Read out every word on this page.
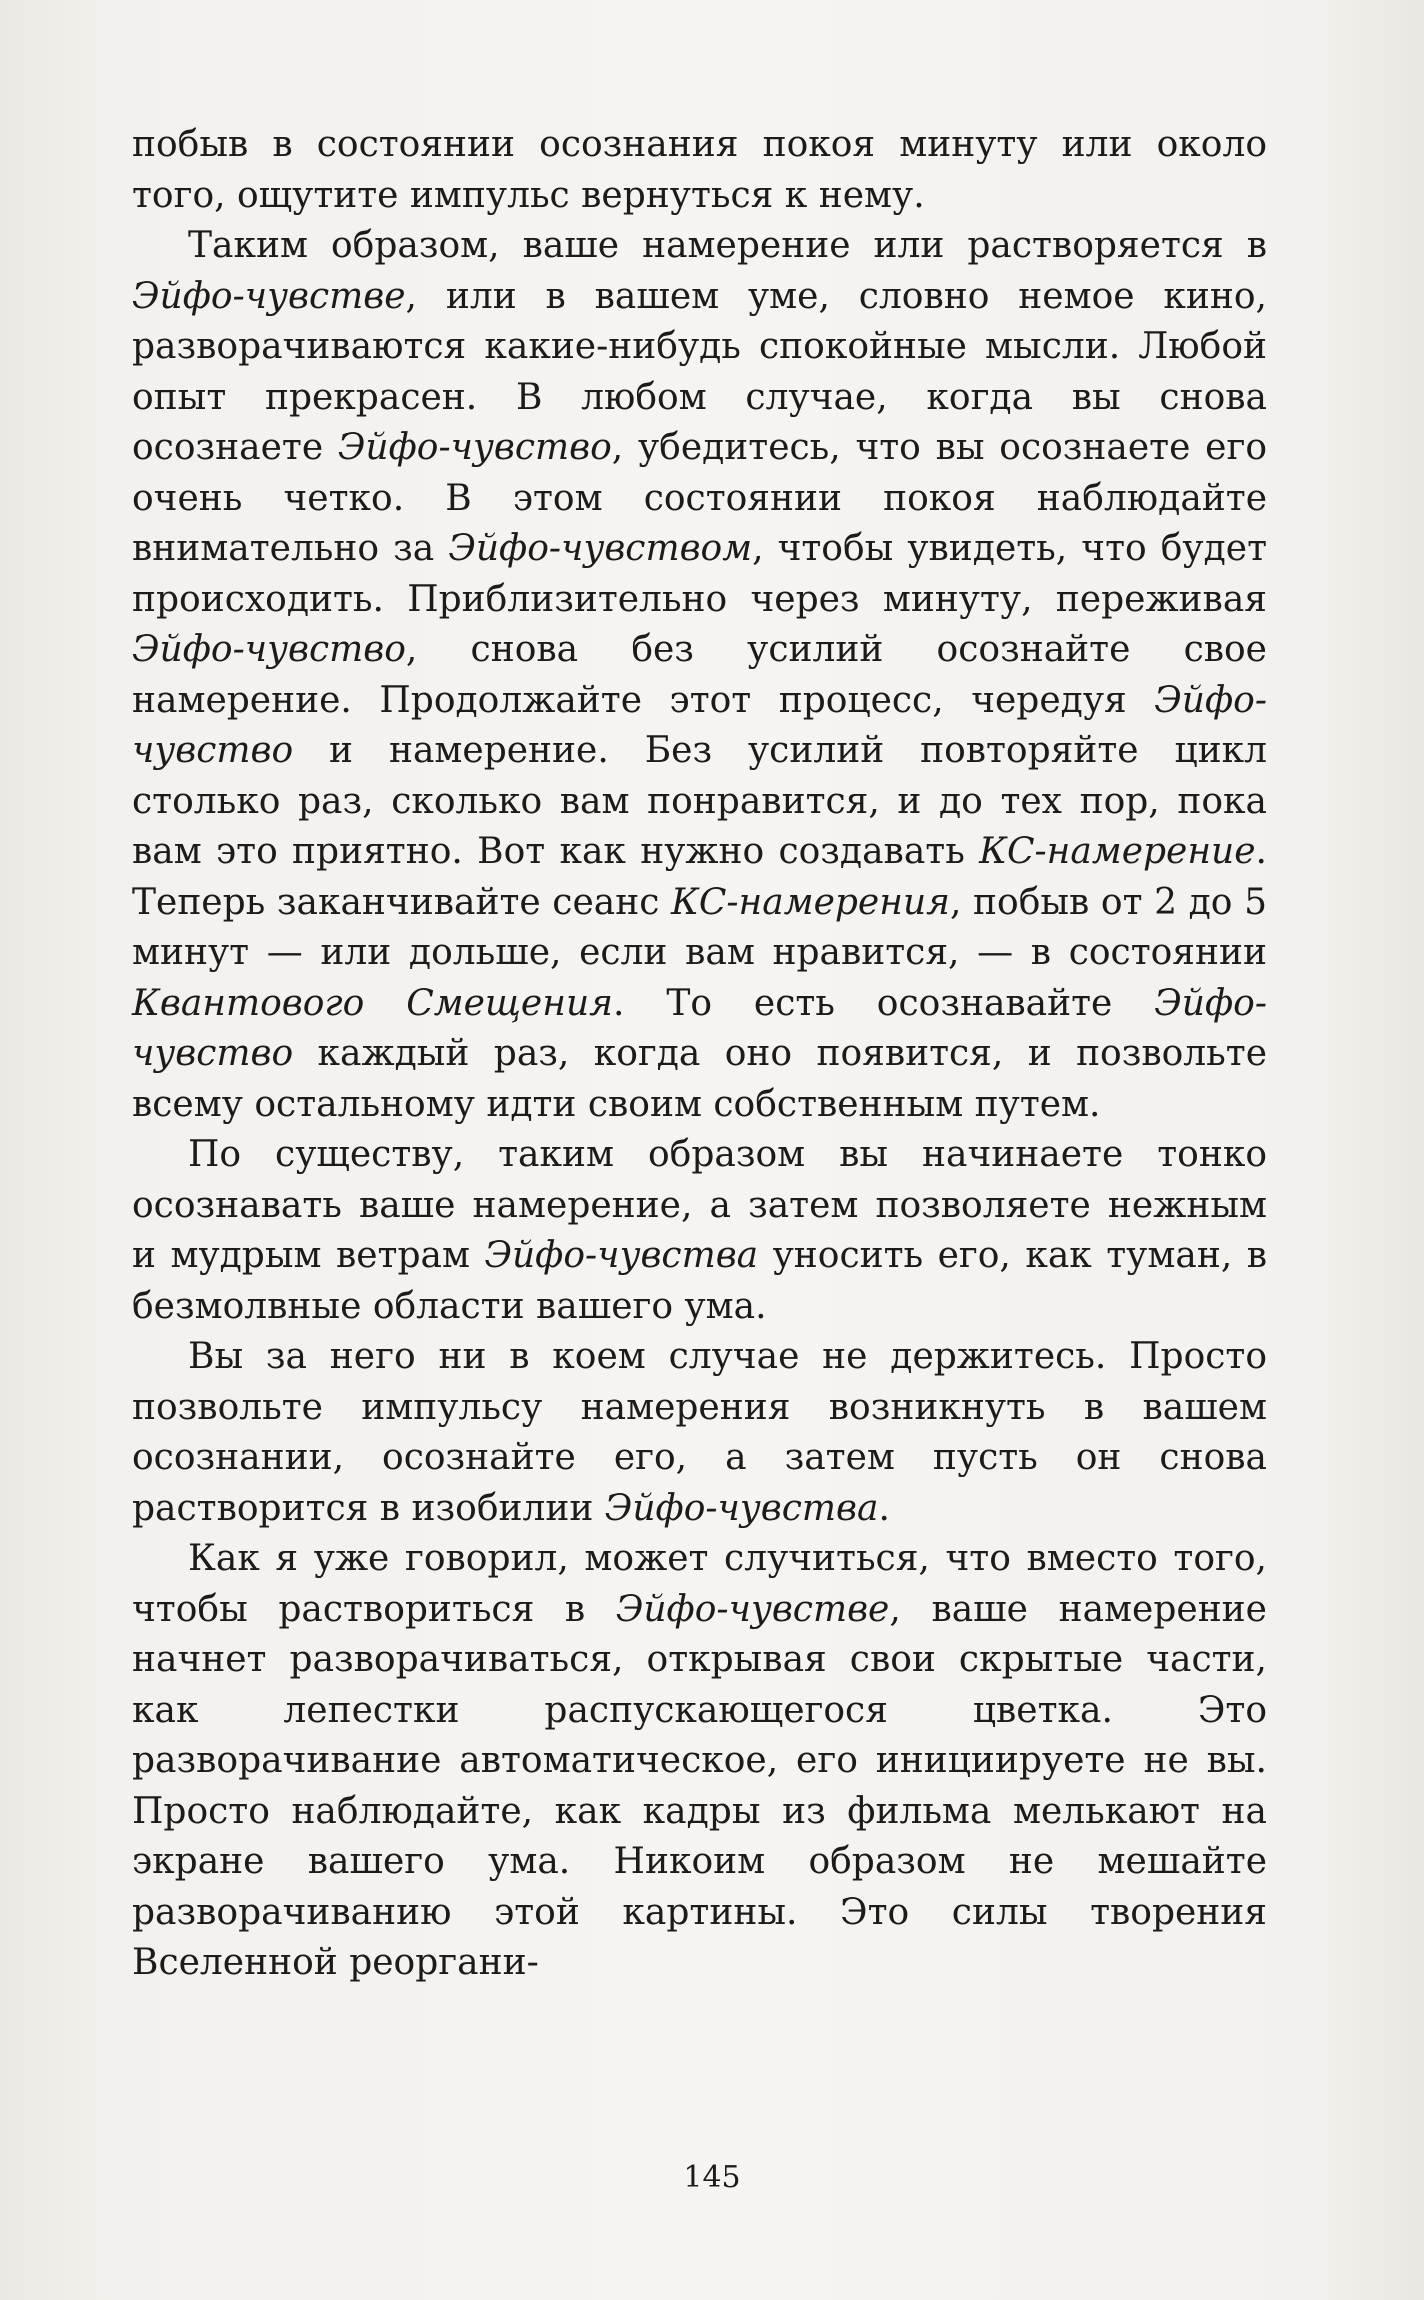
побыв в состоянии осознания покоя минуту или около того, ощутите импульс вернуться к нему.

Таким образом, ваше намерение или растворяется в Эйфо-чувстве, или в вашем уме, словно немое кино, разворачиваются какие-нибудь спокойные мысли. Любой опыт прекрасен. В любом случае, когда вы снова осознаете Эйфо-чувство, убедитесь, что вы осознаете его очень четко. В этом состоянии покоя наблюдайте внимательно за Эйфо-чувством, чтобы увидеть, что будет происходить. Приблизительно через минуту, переживая Эйфо-чувство, снова без усилий осознайте свое намерение. Продолжайте этот процесс, чередуя Эйфо-чувство и намерение. Без усилий повторяйте цикл столько раз, сколько вам понравится, и до тех пор, пока вам это приятно. Вот как нужно создавать КС-намерение. Теперь заканчивайте сеанс КС-намерения, побыв от 2 до 5 минут — или дольше, если вам нравится, — в состоянии Квантового Смещения. То есть осознавайте Эйфо-чувство каждый раз, когда оно появится, и позвольте всему остальному идти своим собственным путем.

По существу, таким образом вы начинаете тонко осознавать ваше намерение, а затем позволяете нежным и мудрым ветрам Эйфо-чувства уносить его, как туман, в безмолвные области вашего ума.

Вы за него ни в коем случае не держитесь. Просто позвольте импульсу намерения возникнуть в вашем осознании, осознайте его, а затем пусть он снова растворится в изобилии Эйфо-чувства.

Как я уже говорил, может случиться, что вместо того, чтобы раствориться в Эйфо-чувстве, ваше намерение начнет разворачиваться, открывая свои скрытые части, как лепестки распускающегося цветка. Это разворачивание автоматическое, его инициируете не вы. Просто наблюдайте, как кадры из фильма мелькают на экране вашего ума. Никоим образом не мешайте разворачиванию этой картины. Это силы творения Вселенной реоргани-

145
